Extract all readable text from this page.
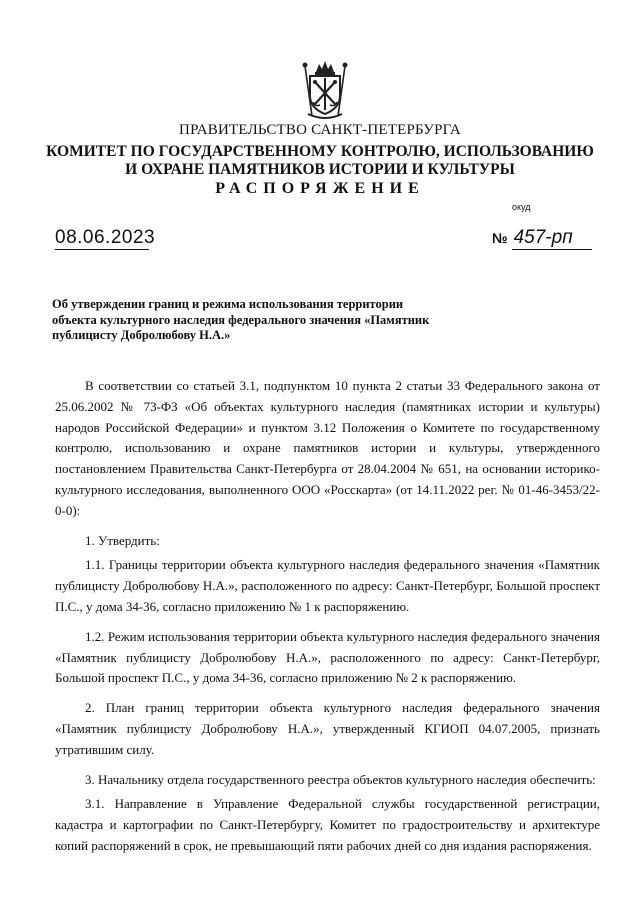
ПРАВИТЕЛЬСТВО САНКТ-ПЕТЕРБУРГА
КОМИТЕТ ПО ГОСУДАРСТВЕННОМУ КОНТРОЛЮ, ИСПОЛЬЗОВАНИЮ
И ОХРАНЕ ПАМЯТНИКОВ ИСТОРИИ И КУЛЬТУРЫ
РАСПОРЯЖЕНИЕ
окуд
08.06.2023	№ 457-рп
Об утверждении границ и режима использования территории объекта культурного наследия федерального значения «Памятник публицисту Добролюбову Н.А.»

В соответствии со статьей 3.1, подпунктом 10 пункта 2 статьи 33 Федерального закона от 25.06.2002 № 73-ФЗ «Об объектах культурного наследия (памятниках истории и культуры) народов Российской Федерации» и пунктом 3.12 Положения о Комитете по государственному контролю, использованию и охране памятников истории и культуры, утвержденного постановлением Правительства Санкт-Петербурга от 28.04.2004 № 651, на основании историко-культурного исследования, выполненного ООО «Росскарта» (от 14.11.2022 рег. № 01-46-3453/22-0-0):

1. Утвердить:

1.1. Границы территории объекта культурного наследия федерального значения «Памятник публицисту Добролюбову Н.А.», расположенного по адресу: Санкт-Петербург, Большой проспект П.С., у дома 34-36, согласно приложению № 1 к распоряжению.

1.2. Режим использования территории объекта культурного наследия федерального значения «Памятник публицисту Добролюбову Н.А.», расположенного по адресу: Санкт-Петербург, Большой проспект П.С., у дома 34-36, согласно приложению № 2 к распоряжению.

2. План границ территории объекта культурного наследия федерального значения «Памятник публицисту Добролюбову Н.А.», утвержденный КГИОП 04.07.2005, признать утратившим силу.

3. Начальнику отдела государственного реестра объектов культурного наследия обеспечить:

3.1. Направление в Управление Федеральной службы государственной регистрации, кадастра и картографии по Санкт-Петербургу, Комитет по градостроительству и архитектуре копий распоряжений в срок, не превышающий пяти рабочих дней со дня издания распоряжения.
